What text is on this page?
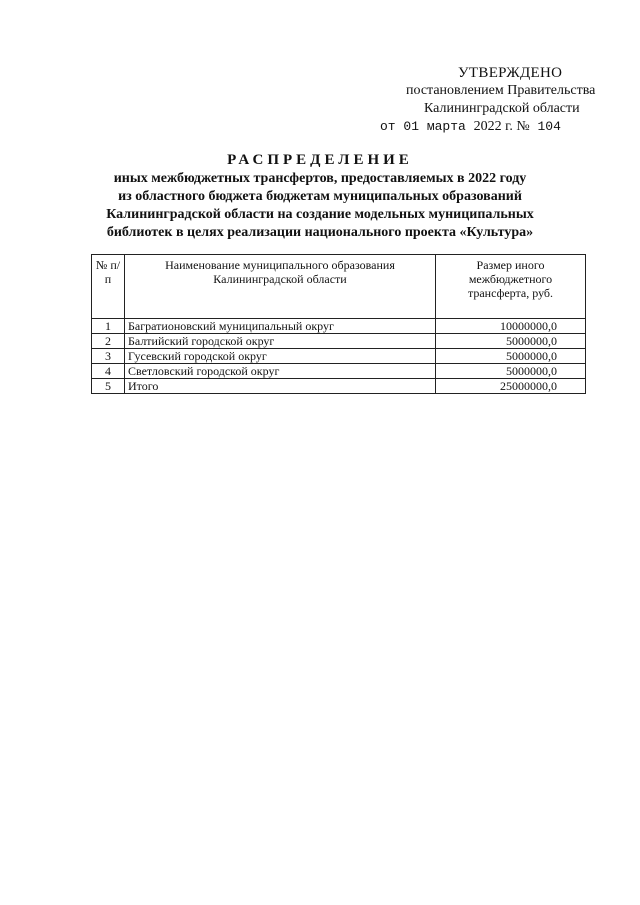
УТВЕРЖДЕНО
постановлением Правительства
Калининградской области
от 01 марта 2022 г. № 104
РАСПРЕДЕЛЕНИЕ
иных межбюджетных трансфертов, предоставляемых в 2022 году
из областного бюджета бюджетам муниципальных образований
Калининградской области на создание модельных муниципальных
библиотек в целях реализации национального проекта «Культура»
№ п/п	Наименование муниципального образования Калининградской области	Размер иного межбюджетного трансферта, руб.
1	Багратионовский муниципальный округ	10000000,0
2	Балтийский городской округ	5000000,0
3	Гусевский городской округ	5000000,0
4	Светловский городской округ	5000000,0
5	Итого	25000000,0
